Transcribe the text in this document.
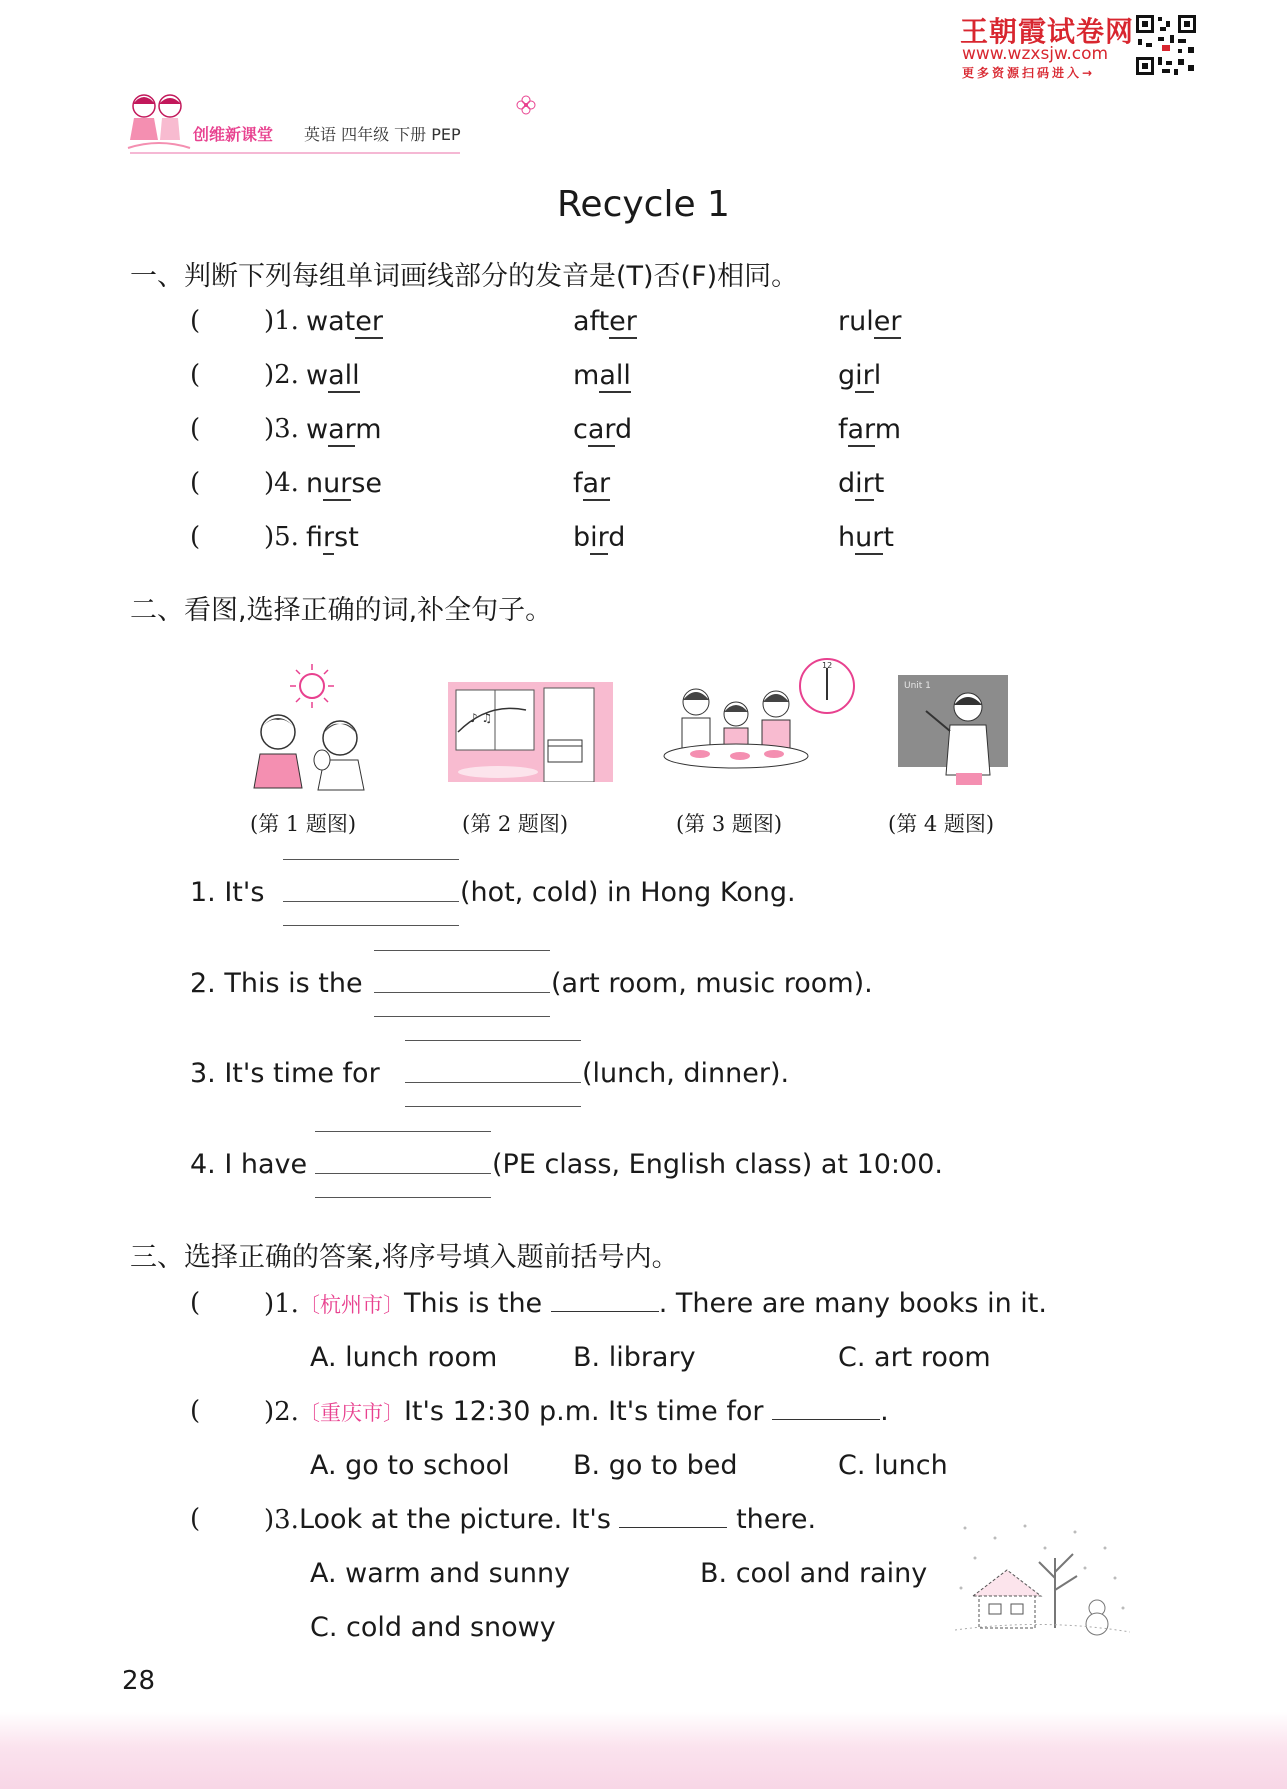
王朝霞试卷网
www.wzxsjw.com
更多资源扫码进入→
创维新课堂 英语 四年级 下册 PEP
Recycle 1
一、判断下列每组单词画线部分的发音是(T)否(F)相同。
( )1. water	after	ruler
( )2. wall	mall	girl
( )3. warm	card	farm
( )4. nurse	far	dirt
( )5. first	bird	hurt
二、看图,选择正确的词,补全句子。
♪ ♫
12
Unit 1
(第 1 题图)	(第 2 题图)	(第 3 题图)	(第 4 题图)
1. It's	(hot, cold) in Hong Kong.
2. This is the	(art room, music room).
3. It's time for	(lunch, dinner).
4. I have	(PE class, English class) at 10:00.
三、选择正确的答案,将序号填入题前括号内。
( )1.〔杭州市〕This is the	. There are many books in it.
A. lunch room	B. library	C. art room
( )2.〔重庆市〕It's 12:30 p.m. It's time for	.
A. go to school B. go to bed	C. lunch
( )3.Look at the picture. It's	there.
A. warm and sunny	B. cool and rainy
C. cold and snowy
28
